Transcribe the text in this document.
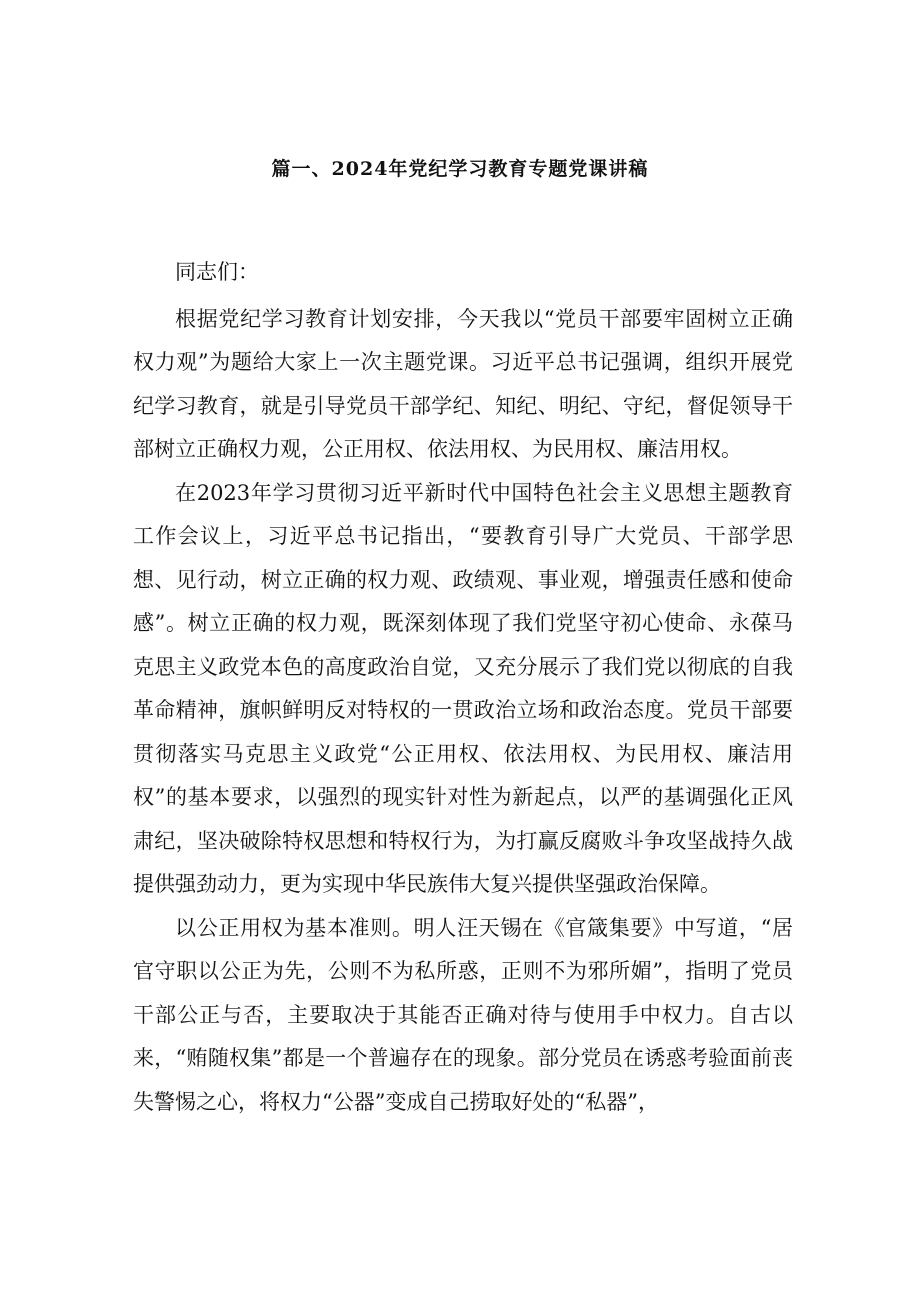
篇一、2024年党纪学习教育专题党课讲稿

同志们：

根据党纪学习教育计划安排，今天我以“党员干部要牢固树立正确权力观”为题给大家上一次主题党课。习近平总书记强调，组织开展党纪学习教育，就是引导党员干部学纪、知纪、明纪、守纪，督促领导干部树立正确权力观，公正用权、依法用权、为民用权、廉洁用权。

在2023年学习贯彻习近平新时代中国特色社会主义思想主题教育工作会议上，习近平总书记指出，“要教育引导广大党员、干部学思想、见行动，树立正确的权力观、政绩观、事业观，增强责任感和使命感”。树立正确的权力观，既深刻体现了我们党坚守初心使命、永葆马克思主义政党本色的高度政治自觉，又充分展示了我们党以彻底的自我革命精神，旗帜鲜明反对特权的一贯政治立场和政治态度。党员干部要贯彻落实马克思主义政党“公正用权、依法用权、为民用权、廉洁用权”的基本要求，以强烈的现实针对性为新起点，以严的基调强化正风肃纪，坚决破除特权思想和特权行为，为打赢反腐败斗争攻坚战持久战提供强劲动力，更为实现中华民族伟大复兴提供坚强政治保障。

以公正用权为基本准则。明人汪天锡在《官箴集要》中写道，“居官守职以公正为先，公则不为私所惑，正则不为邪所媚”，指明了党员干部公正与否，主要取决于其能否正确对待与使用手中权力。自古以来，“贿随权集”都是一个普遍存在的现象。部分党员在诱惑考验面前丧失警惕之心，将权力“公器”变成自己捞取好处的“私器”，
